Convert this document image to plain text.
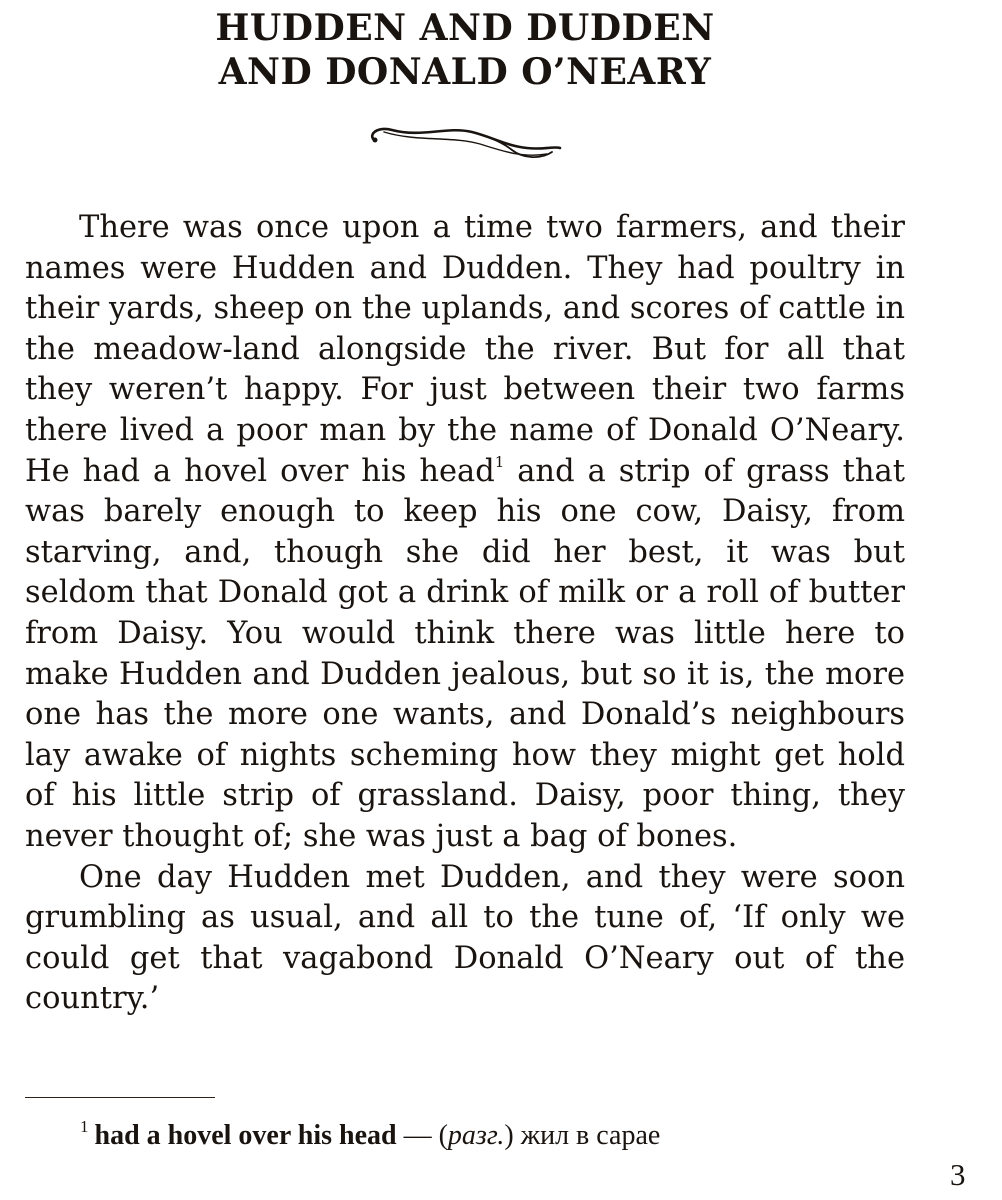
HUDDEN AND DUDDEN
AND DONALD O’NEARY

There was once upon a time two farmers, and their names were Hudden and Dudden. They had poultry in their yards, sheep on the uplands, and scores of cattle in the meadow-land alongside the river. But for all that they weren’t happy. For just between their two farms there lived a poor man by the name of Donald O’Neary. He had a hovel over his head$^1$ and a strip of grass that was barely enough to keep his one cow, Daisy, from starving, and, though she did her best, it was but seldom that Donald got a drink of milk or a roll of butter from Daisy. You would think there was little here to make Hudden and Dudden jealous, but so it is, the more one has the more one wants, and Donald’s neighbours lay awake of nights scheming how they might get hold of his little strip of grassland. Daisy, poor thing, they never thought of; she was just a bag of bones.

One day Hudden met Dudden, and they were soon grumbling as usual, and all to the tune of, ‘If only we could get that vagabond Donald O’Neary out of the country.’

$^1$ had a hovel over his head — (разг.) жил в сарае
3
